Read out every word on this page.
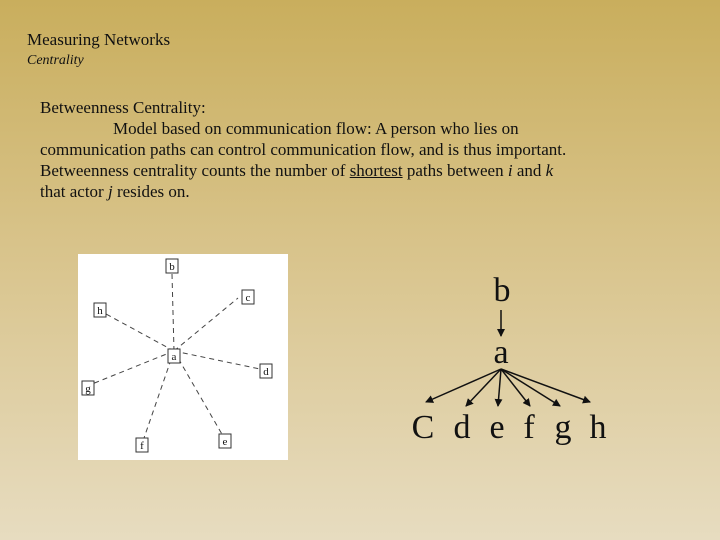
Measuring Networks
Centrality

Betweenness Centrality:

Model based on communication flow: A person who lies on

communication paths can control communication flow, and is thus important.

Betweenness centrality counts the number of shortest paths between i and k

that actor j resides on.

b
c
h
a
d
g
f	e
b
a
C d e f g h
